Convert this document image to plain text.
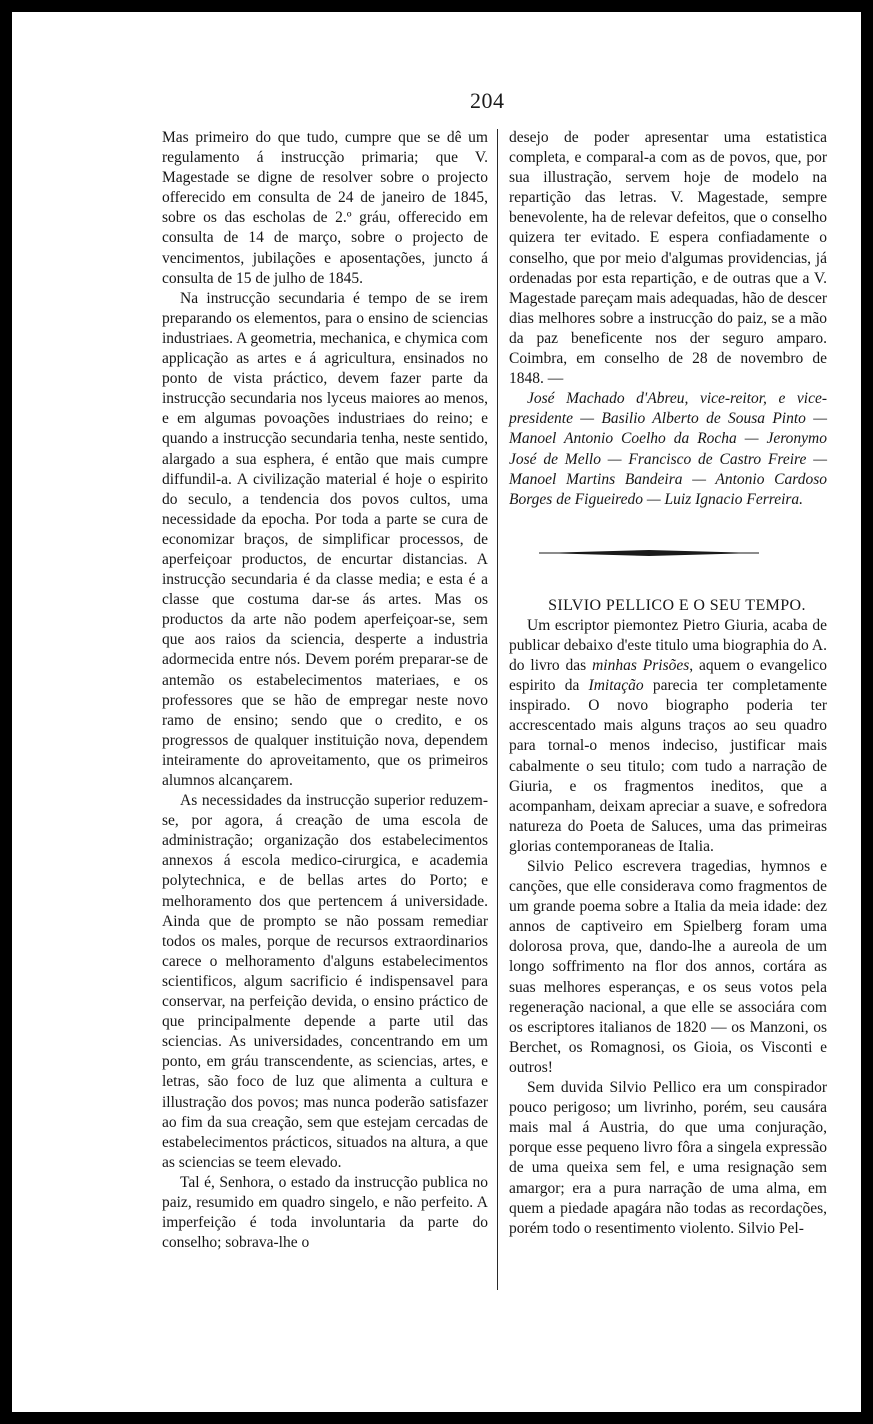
204

Mas primeiro do que tudo, cumpre que se dê um regulamento á instrucção primaria; que V. Magestade se digne de resolver sobre o projecto offerecido em consulta de 24 de janeiro de 1845, sobre os das escholas de 2.º gráu, offerecido em consulta de 14 de março, sobre o projecto de vencimentos, jubilações e aposentações, juncto á consulta de 15 de julho de 1845.

Na instrucção secundaria é tempo de se irem preparando os elementos, para o ensino de sciencias industriaes. A geometria, mechanica, e chymica com applicação as artes e á agricultura, ensinados no ponto de vista práctico, devem fazer parte da instrucção secundaria nos lyceus maiores ao menos, e em algumas povoações industriaes do reino; e quando a instrucção secundaria tenha, neste sentido, alargado a sua esphera, é então que mais cumpre diffundil-a. A civilização material é hoje o espirito do seculo, a tendencia dos povos cultos, uma necessidade da epocha. Por toda a parte se cura de economizar braços, de simplificar processos, de aperfeiçoar productos, de encurtar distancias. A instrucção secundaria é da classe media; e esta é a classe que costuma dar-se ás artes. Mas os productos da arte não podem aperfeiçoar-se, sem que aos raios da sciencia, desperte a industria adormecida entre nós. Devem porém preparar-se de antemão os estabelecimentos materiaes, e os professores que se hão de empregar neste novo ramo de ensino; sendo que o credito, e os progressos de qualquer instituição nova, dependem inteiramente do aproveitamento, que os primeiros alumnos alcançarem.

As necessidades da instrucção superior reduzem-se, por agora, á creação de uma escola de administração; organização dos estabelecimentos annexos á escola medico-cirurgica, e academia polytechnica, e de bellas artes do Porto; e melhoramento dos que pertencem á universidade. Ainda que de prompto se não possam remediar todos os males, porque de recursos extraordinarios carece o melhoramento d'alguns estabelecimentos scientificos, algum sacrificio é indispensavel para conservar, na perfeição devida, o ensino práctico de que principalmente depende a parte util das sciencias. As universidades, concentrando em um ponto, em gráu transcendente, as sciencias, artes, e letras, são foco de luz que alimenta a cultura e illustração dos povos; mas nunca poderão satisfazer ao fim da sua creação, sem que estejam cercadas de estabelecimentos prácticos, situados na altura, a que as sciencias se teem elevado.

Tal é, Senhora, o estado da instrucção publica no paiz, resumido em quadro singelo, e não perfeito. A imperfeição é toda involuntaria da parte do conselho; sobrava-lhe o

desejo de poder apresentar uma estatistica completa, e comparal-a com as de povos, que, por sua illustração, servem hoje de modelo na repartição das letras. V. Magestade, sempre benevolente, ha de relevar defeitos, que o conselho quizera ter evitado. E espera confiadamente o conselho, que por meio d'algumas providencias, já ordenadas por esta repartição, e de outras que a V. Magestade pareçam mais adequadas, hão de descer dias melhores sobre a instrucção do paiz, se a mão da paz beneficente nos der seguro amparo. Coimbra, em conselho de 28 de novembro de 1848. —

José Machado d'Abreu, vice-reitor, e vice-presidente — Basilio Alberto de Sousa Pinto — Manoel Antonio Coelho da Rocha — Jeronymo José de Mello — Francisco de Castro Freire — Manoel Martins Bandeira — Antonio Cardoso Borges de Figueiredo — Luiz Ignacio Ferreira.

SILVIO PELLICO E O SEU TEMPO.

Um escriptor piemontez Pietro Giuria, acaba de publicar debaixo d'este titulo uma biographia do A. do livro das minhas Prisões, aquem o evangelico espirito da Imitação parecia ter completamente inspirado. O novo biographo poderia ter accrescentado mais alguns traços ao seu quadro para tornal-o menos indeciso, justificar mais cabalmente o seu titulo; com tudo a narração de Giuria, e os fragmentos ineditos, que a acompanham, deixam apreciar a suave, e sofredora natureza do Poeta de Saluces, uma das primeiras glorias contemporaneas de Italia.

Silvio Pelico escrevera tragedias, hymnos e canções, que elle considerava como fragmentos de um grande poema sobre a Italia da meia idade: dez annos de captiveiro em Spielberg foram uma dolorosa prova, que, dando-lhe a aureola de um longo soffrimento na flor dos annos, cortára as suas melhores esperanças, e os seus votos pela regeneração nacional, a que elle se associára com os escriptores italianos de 1820 — os Manzoni, os Berchet, os Romagnosi, os Gioia, os Visconti e outros!

Sem duvida Silvio Pellico era um conspirador pouco perigoso; um livrinho, porém, seu causára mais mal á Austria, do que uma conjuração, porque esse pequeno livro fôra a singela expressão de uma queixa sem fel, e uma resignação sem amargor; era a pura narração de uma alma, em quem a piedade apagára não todas as recordações, porém todo o resentimento violento. Silvio Pel-
